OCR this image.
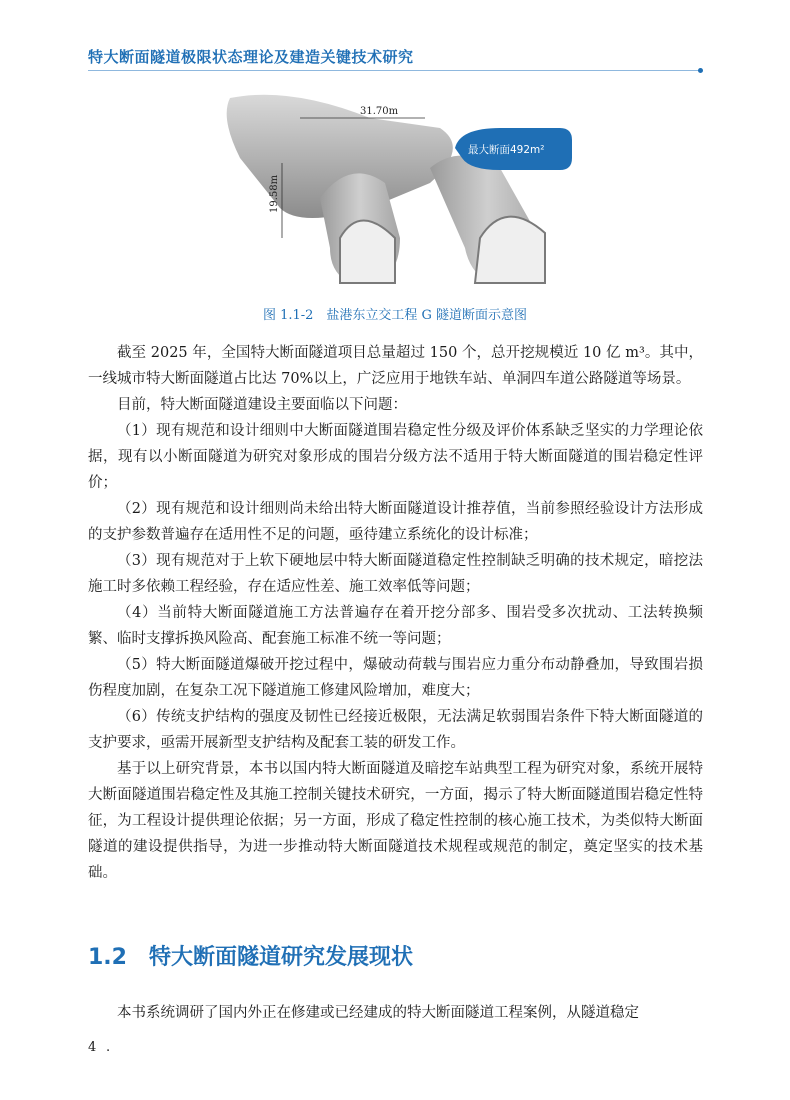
特大断面隧道极限状态理论及建造关键技术研究
31.70m
19.58m
最大断面492m²
图 1.1-2　盐港东立交工程 G 隧道断面示意图

截至 2025 年，全国特大断面隧道项目总量超过 150 个，总开挖规模近 10 亿 m³。其中，一线城市特大断面隧道占比达 70%以上，广泛应用于地铁车站、单洞四车道公路隧道等场景。

目前，特大断面隧道建设主要面临以下问题：

（1）现有规范和设计细则中大断面隧道围岩稳定性分级及评价体系缺乏坚实的力学理论依据，现有以小断面隧道为研究对象形成的围岩分级方法不适用于特大断面隧道的围岩稳定性评价；

（2）现有规范和设计细则尚未给出特大断面隧道设计推荐值，当前参照经验设计方法形成的支护参数普遍存在适用性不足的问题，亟待建立系统化的设计标准；

（3）现有规范对于上软下硬地层中特大断面隧道稳定性控制缺乏明确的技术规定，暗挖法施工时多依赖工程经验，存在适应性差、施工效率低等问题；

（4）当前特大断面隧道施工方法普遍存在着开挖分部多、围岩受多次扰动、工法转换频繁、临时支撑拆换风险高、配套施工标准不统一等问题；

（5）特大断面隧道爆破开挖过程中，爆破动荷载与围岩应力重分布动静叠加，导致围岩损伤程度加剧，在复杂工况下隧道施工修建风险增加，难度大；

（6）传统支护结构的强度及韧性已经接近极限，无法满足软弱围岩条件下特大断面隧道的支护要求，亟需开展新型支护结构及配套工装的研发工作。

基于以上研究背景，本书以国内特大断面隧道及暗挖车站典型工程为研究对象，系统开展特大断面隧道围岩稳定性及其施工控制关键技术研究，一方面，揭示了特大断面隧道围岩稳定性特征，为工程设计提供理论依据；另一方面，形成了稳定性控制的核心施工技术，为类似特大断面隧道的建设提供指导，为进一步推动特大断面隧道技术规程或规范的制定，奠定坚实的技术基础。

1.2 特大断面隧道研究发展现状

本书系统调研了国内外正在修建或已经建成的特大断面隧道工程案例，从隧道稳定

4 .
